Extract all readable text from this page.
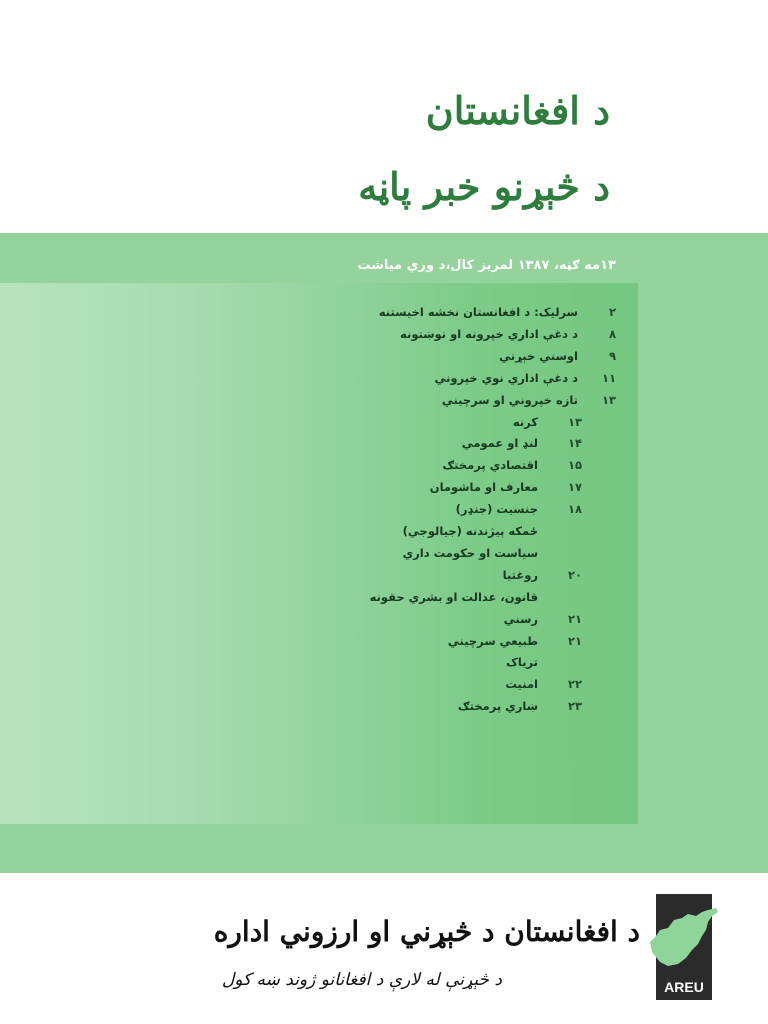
د افغانستان
د څېړنو خبر پاڼه
۱۳مه ګڼه، ۱۳۸۷ لمريز کال،د وري مياشت
۲
سرليک: د افغانستان نخشه اخيستنه
۸
د دغې اداري خپرونه او نوښتونه
۹
اوسني خېړني
۱۱
د دغې اداري نوي خپروني
۱۳
تازه خپروني او سرچيني
۱۳
کرنه
۱۴
لنډ او عمومي
۱۵
اقتصادي پرمختګ
۱۷
معارف او ماشومان
۱۸
جنسيت (جنډر)
ځمکه پيژندنه (جيالوجي)
سياست او حکومت داري
۲۰
روغتيا
قانون، عدالت او بشري حقونه
۲۱
رسني
۲۱
طبيعي سرچيني
ترياک
۲۲
امنيت
۲۳
ښاري پرمختګ
د افغانستان د څېړني او ارزوني اداره
د څېړنې له لارې د افغانانو ژوند ښه کول	AREU
